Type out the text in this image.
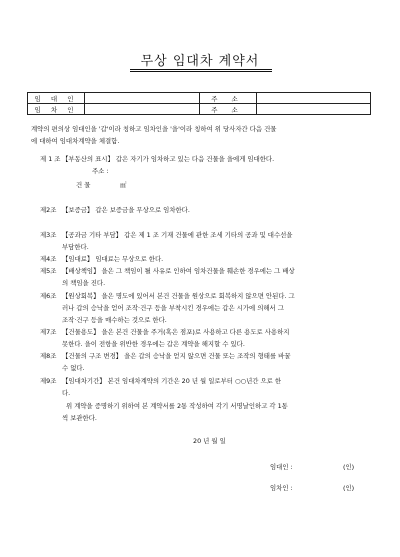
무상 임대차 계약서
임 대 인		주 소	
임 차 인		주 소	
계약의 편의상 임대인을 '갑'이라 칭하고 임차인을 '을'이라 칭하여 위 당사자간 다음 건물
에 대하여 임대차계약을 체결함.
제 1 조 【부동산의 표시】 갑은 자기가 임차하고 있는 다음 건물을 을에게 임대한다.
주소 :
건 물	㎡
제2조 【보증금】 갑은 보증금을 무상으로 임차한다.
제3조 【공과금 기타 부담】 갑은 제 1 조 기재 건물에 관한 조세 기타의 공과 및 대수선을
부담한다.
제4조 【임대료】 임대료는 무상으로 한다.
제5조 【배상책임】 을은 그 책임이 될 사유로 인하여 임차건물을 훼손한 경우에는 그 배상
의 책임을 진다.
제6조 【원상회복】 을은 명도에 있어서 본건 건물을 원상으로 회복하지 않으면 안된다. 그
러나 갑의 승낙을 얻어 조작·건구 등을 부착시킨 경우에는 갑은 시가에 의해서 그
조작·건구 등을 매수하는 것으로 한다.
제7조 【건물용도】 을은 본건 건물을 주거(혹은 점포)로 사용하고 다른 용도로 사용하지
못한다. 을이 전항을 위반한 경우에는 갑은 계약을 해지할 수 있다.
제8조 【건물의 구조 변경】 을은 갑의 승낙을 얻지 않으면 건물 또는 조작의 형태를 바꿀
수 없다.
제9조 【임대차기간】 본건 임대차계약의 기간은 20 년 월 일로부터 ○○년간 으로 한
다.
위 계약을 증명하기 위하여 본 계약서를 2통 작성하여 각기 서명날인하고 각 1통
씩 보관한다.
20 년 월 일
임대인 :	(인)
임차인 :	(인)
